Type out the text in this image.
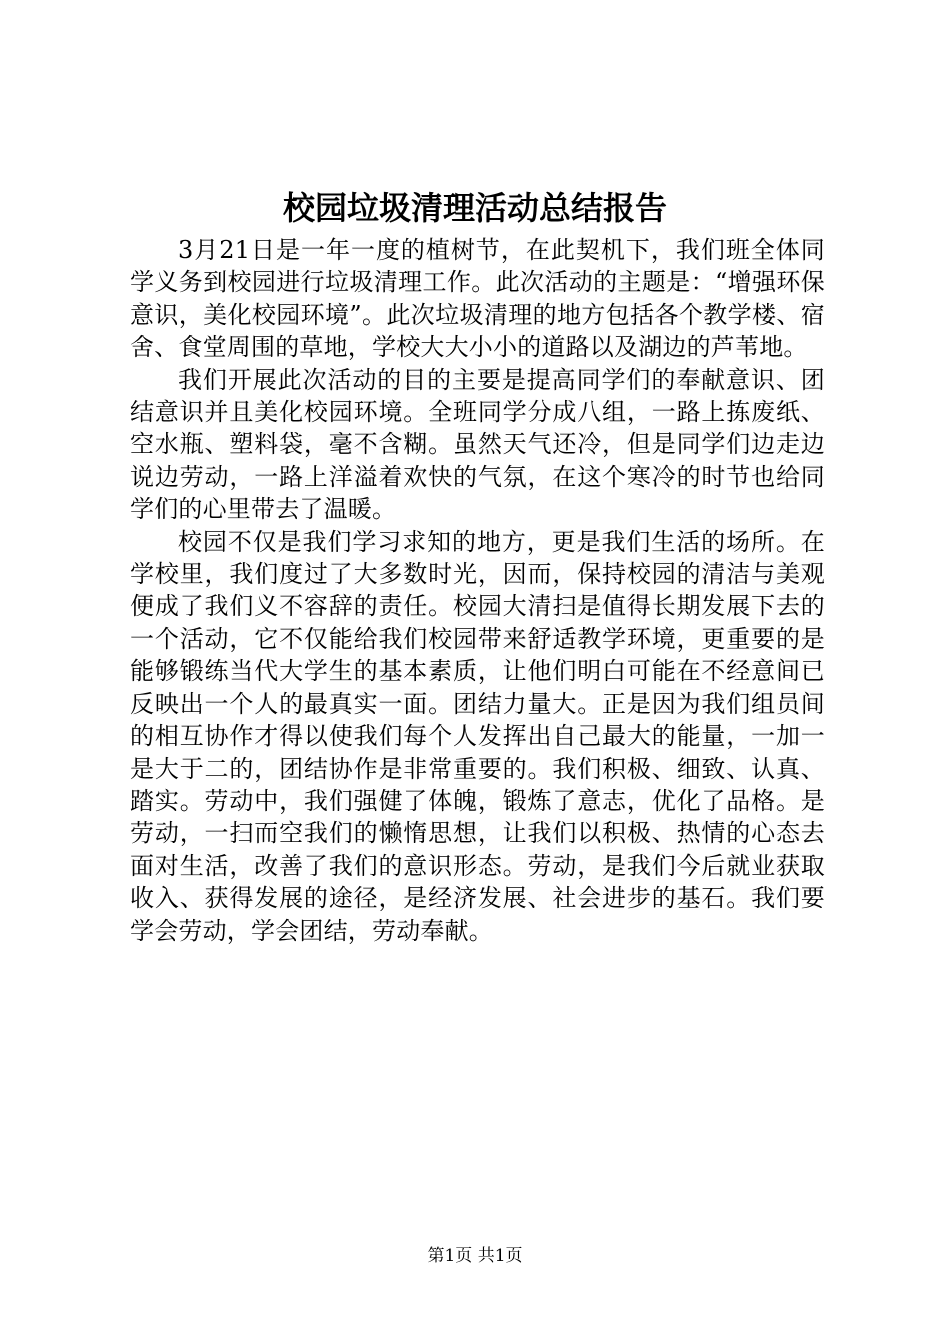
校园垃圾清理活动总结报告

3月21日是一年一度的植树节，在此契机下，我们班全体同学义务到校园进行垃圾清理工作。此次活动的主题是：“增强环保意识，美化校园环境”。此次垃圾清理的地方包括各个教学楼、宿舍、食堂周围的草地，学校大大小小的道路以及湖边的芦苇地。

我们开展此次活动的目的主要是提高同学们的奉献意识、团结意识并且美化校园环境。全班同学分成八组，一路上拣废纸、空水瓶、塑料袋，毫不含糊。虽然天气还冷，但是同学们边走边说边劳动，一路上洋溢着欢快的气氛，在这个寒冷的时节也给同学们的心里带去了温暖。

校园不仅是我们学习求知的地方，更是我们生活的场所。在学校里，我们度过了大多数时光，因而，保持校园的清洁与美观便成了我们义不容辞的责任。校园大清扫是值得长期发展下去的一个活动，它不仅能给我们校园带来舒适教学环境，更重要的是能够锻练当代大学生的基本素质，让他们明白可能在不经意间已反映出一个人的最真实一面。团结力量大。正是因为我们组员间的相互协作才得以使我们每个人发挥出自己最大的能量，一加一是大于二的，团结协作是非常重要的。我们积极、细致、认真、踏实。劳动中，我们强健了体魄，锻炼了意志，优化了品格。是劳动，一扫而空我们的懒惰思想，让我们以积极、热情的心态去面对生活，改善了我们的意识形态。劳动，是我们今后就业获取收入、获得发展的途径，是经济发展、社会进步的基石。我们要学会劳动，学会团结，劳动奉献。

第1页 共1页
